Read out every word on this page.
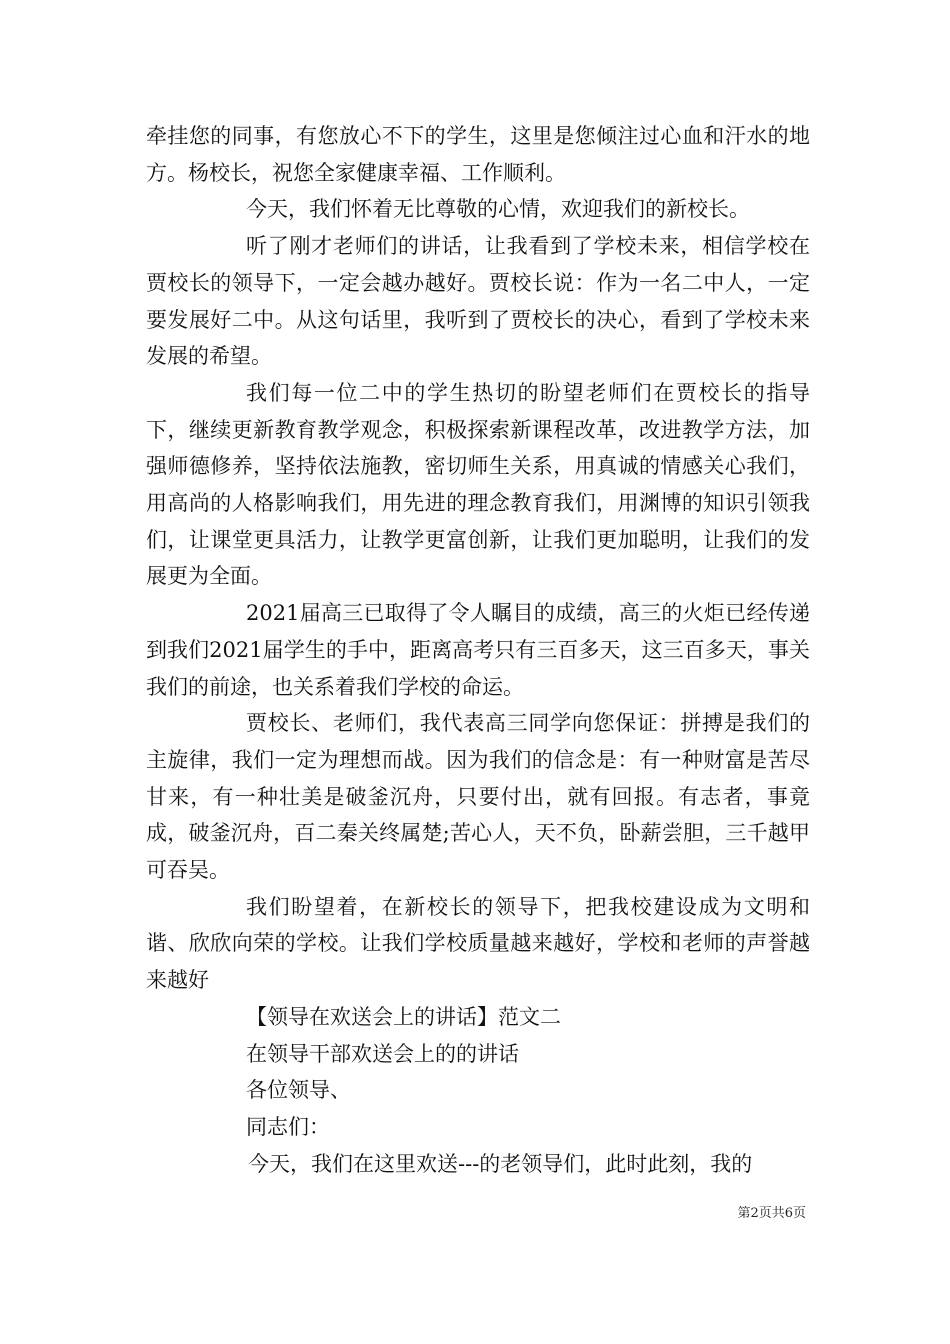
牵挂您的同事，有您放心不下的学生，这里是您倾注过心血和汗水的地方。杨校长，祝您全家健康幸福、工作顺利。

今天，我们怀着无比尊敬的心情，欢迎我们的新校长。

听了刚才老师们的讲话，让我看到了学校未来，相信学校在贾校长的领导下，一定会越办越好。贾校长说：作为一名二中人，一定要发展好二中。从这句话里，我听到了贾校长的决心，看到了学校未来发展的希望。

我们每一位二中的学生热切的盼望老师们在贾校长的指导下，继续更新教育教学观念，积极探索新课程改革，改进教学方法，加强师德修养，坚持依法施教，密切师生关系，用真诚的情感关心我们，用高尚的人格影响我们，用先进的理念教育我们，用渊博的知识引领我们，让课堂更具活力，让教学更富创新，让我们更加聪明，让我们的发展更为全面。

2021届高三已取得了令人瞩目的成绩，高三的火炬已经传递到我们2021届学生的手中，距离高考只有三百多天，这三百多天，事关我们的前途，也关系着我们学校的命运。

贾校长、老师们，我代表高三同学向您保证：拼搏是我们的主旋律，我们一定为理想而战。因为我们的信念是：有一种财富是苦尽甘来，有一种壮美是破釜沉舟，只要付出，就有回报。有志者，事竟成，破釜沉舟，百二秦关终属楚;苦心人，天不负，卧薪尝胆，三千越甲可吞吴。

我们盼望着，在新校长的领导下，把我校建设成为文明和谐、欣欣向荣的学校。让我们学校质量越来越好，学校和老师的声誉越来越好

【领导在欢送会上的讲话】范文二

在领导干部欢送会上的的讲话

各位领导、

同志们：

今天，我们在这里欢送---的老领导们，此时此刻，我的

第2页共6页
